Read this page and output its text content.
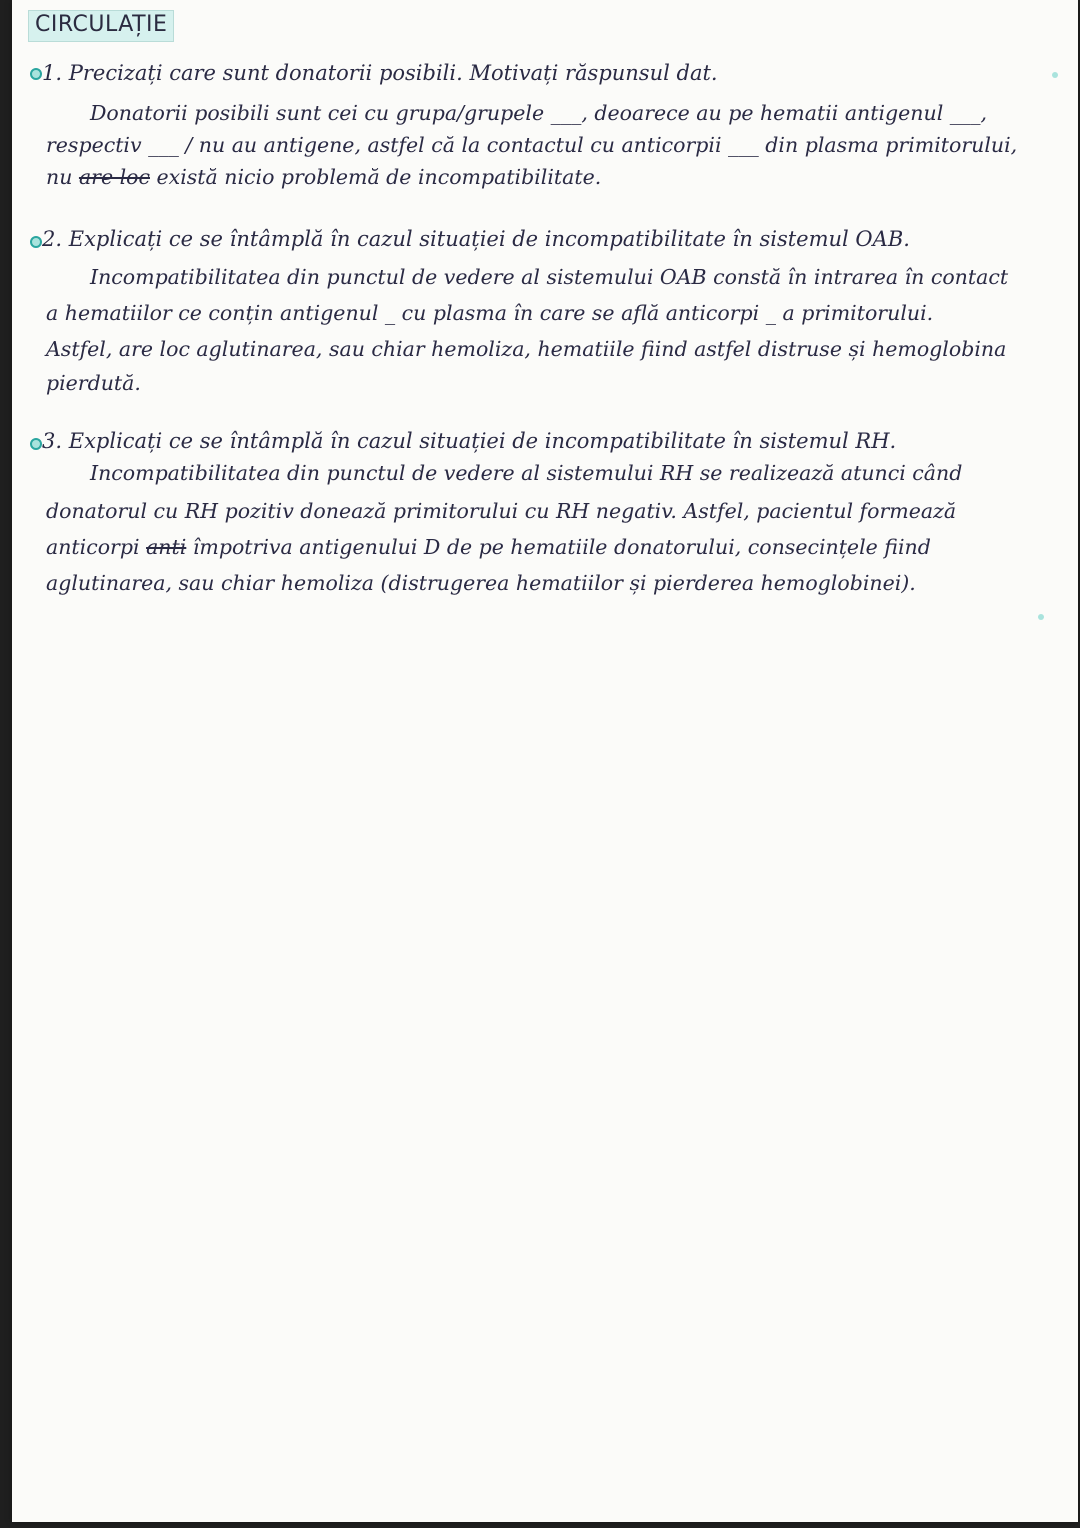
CIRCULAȚIE
1. Precizați care sunt donatorii posibili. Motivați răspunsul dat.
Donatorii posibili sunt cei cu grupa/grupele ___, deoarece au pe hematii antigenul ___,
respectiv ___ / nu au antigene, astfel că la contactul cu anticorpii ___ din plasma primitorului,
nu are loc există nicio problemă de incompatibilitate.
2. Explicați ce se întâmplă în cazul situației de incompatibilitate în sistemul OAB.
Incompatibilitatea din punctul de vedere al sistemului OAB constă în intrarea în contact
a hematiilor ce conțin antigenul _ cu plasma în care se află anticorpi _ a primitorului.
Astfel, are loc aglutinarea, sau chiar hemoliza, hematiile fiind astfel distruse și hemoglobina
pierdută.
3. Explicați ce se întâmplă în cazul situației de incompatibilitate în sistemul RH.
Incompatibilitatea din punctul de vedere al sistemului RH se realizează atunci când
donatorul cu RH pozitiv donează primitorului cu RH negativ. Astfel, pacientul formează
anticorpi anti împotriva antigenului D de pe hematiile donatorului, consecințele fiind
aglutinarea, sau chiar hemoliza (distrugerea hematiilor și pierderea hemoglobinei).
